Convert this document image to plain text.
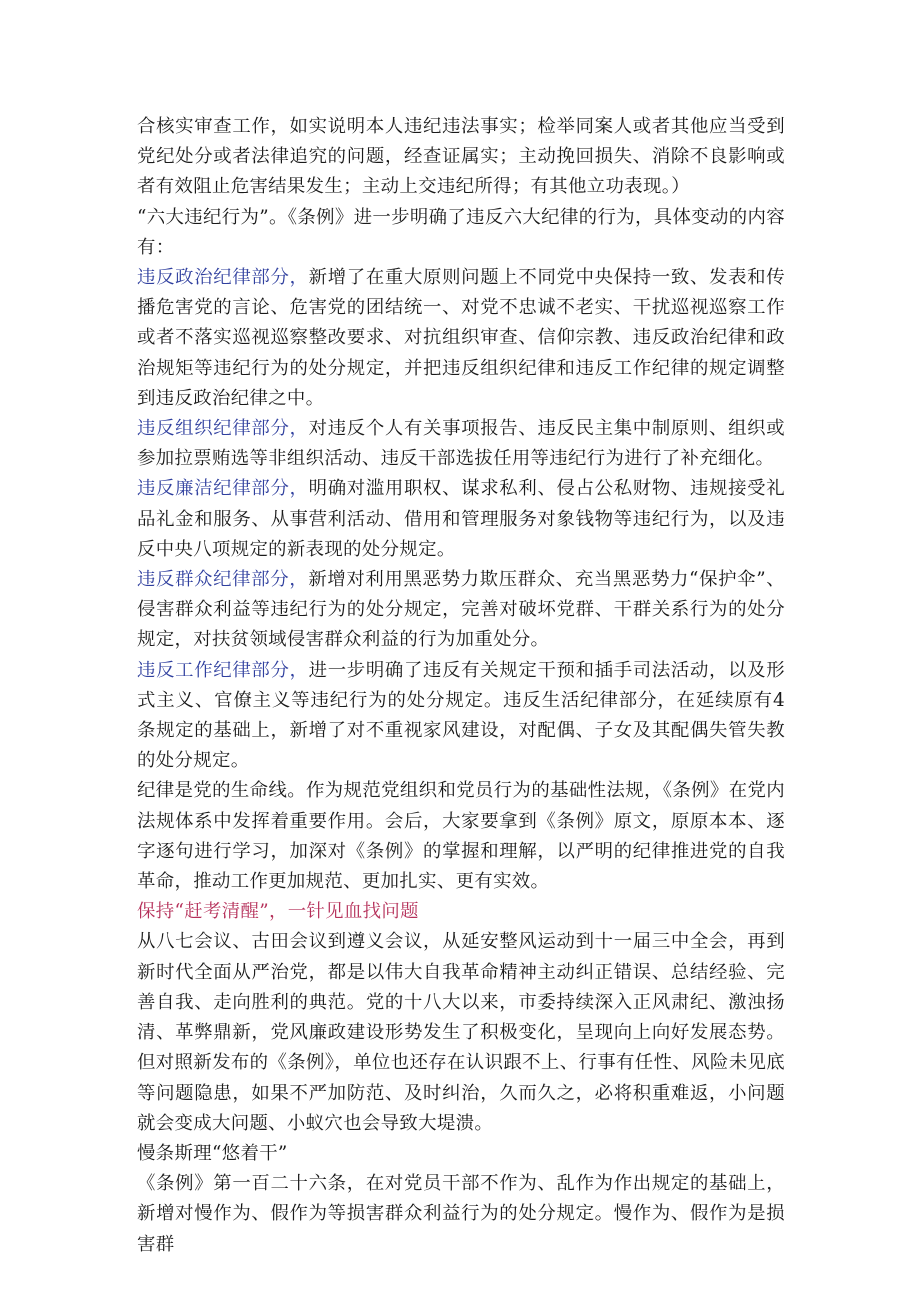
合核实审查工作，如实说明本人违纪违法事实；检举同案人或者其他应当受到党纪处分或者法律追究的问题，经查证属实；主动挽回损失、消除不良影响或者有效阻止危害结果发生；主动上交违纪所得；有其他立功表现。）

“六大违纪行为”。《条例》进一步明确了违反六大纪律的行为，具体变动的内容有：

违反政治纪律部分，新增了在重大原则问题上不同党中央保持一致、发表和传播危害党的言论、危害党的团结统一、对党不忠诚不老实、干扰巡视巡察工作或者不落实巡视巡察整改要求、对抗组织审查、信仰宗教、违反政治纪律和政治规矩等违纪行为的处分规定，并把违反组织纪律和违反工作纪律的规定调整到违反政治纪律之中。

违反组织纪律部分，对违反个人有关事项报告、违反民主集中制原则、组织或参加拉票贿选等非组织活动、违反干部选拔任用等违纪行为进行了补充细化。

违反廉洁纪律部分，明确对滥用职权、谋求私利、侵占公私财物、违规接受礼品礼金和服务、从事营利活动、借用和管理服务对象钱物等违纪行为，以及违反中央八项规定的新表现的处分规定。

违反群众纪律部分，新增对利用黑恶势力欺压群众、充当黑恶势力“保护伞”、侵害群众利益等违纪行为的处分规定，完善对破坏党群、干群关系行为的处分规定，对扶贫领域侵害群众利益的行为加重处分。

违反工作纪律部分，进一步明确了违反有关规定干预和插手司法活动，以及形式主义、官僚主义等违纪行为的处分规定。违反生活纪律部分，在延续原有4条规定的基础上，新增了对不重视家风建设，对配偶、子女及其配偶失管失教的处分规定。

纪律是党的生命线。作为规范党组织和党员行为的基础性法规，《条例》在党内法规体系中发挥着重要作用。会后，大家要拿到《条例》原文，原原本本、逐字逐句进行学习，加深对《条例》的掌握和理解，以严明的纪律推进党的自我革命，推动工作更加规范、更加扎实、更有实效。

保持“赶考清醒”，一针见血找问题

从八七会议、古田会议到遵义会议，从延安整风运动到十一届三中全会，再到新时代全面从严治党，都是以伟大自我革命精神主动纠正错误、总结经验、完善自我、走向胜利的典范。党的十八大以来，市委持续深入正风肃纪、激浊扬清、革弊鼎新，党风廉政建设形势发生了积极变化，呈现向上向好发展态势。但对照新发布的《条例》，单位也还存在认识跟不上、行事有任性、风险未见底等问题隐患，如果不严加防范、及时纠治，久而久之，必将积重难返，小问题就会变成大问题、小蚁穴也会导致大堤溃。

慢条斯理“悠着干”

《条例》第一百二十六条，在对党员干部不作为、乱作为作出规定的基础上，新增对慢作为、假作为等损害群众利益行为的处分规定。慢作为、假作为是损害群
